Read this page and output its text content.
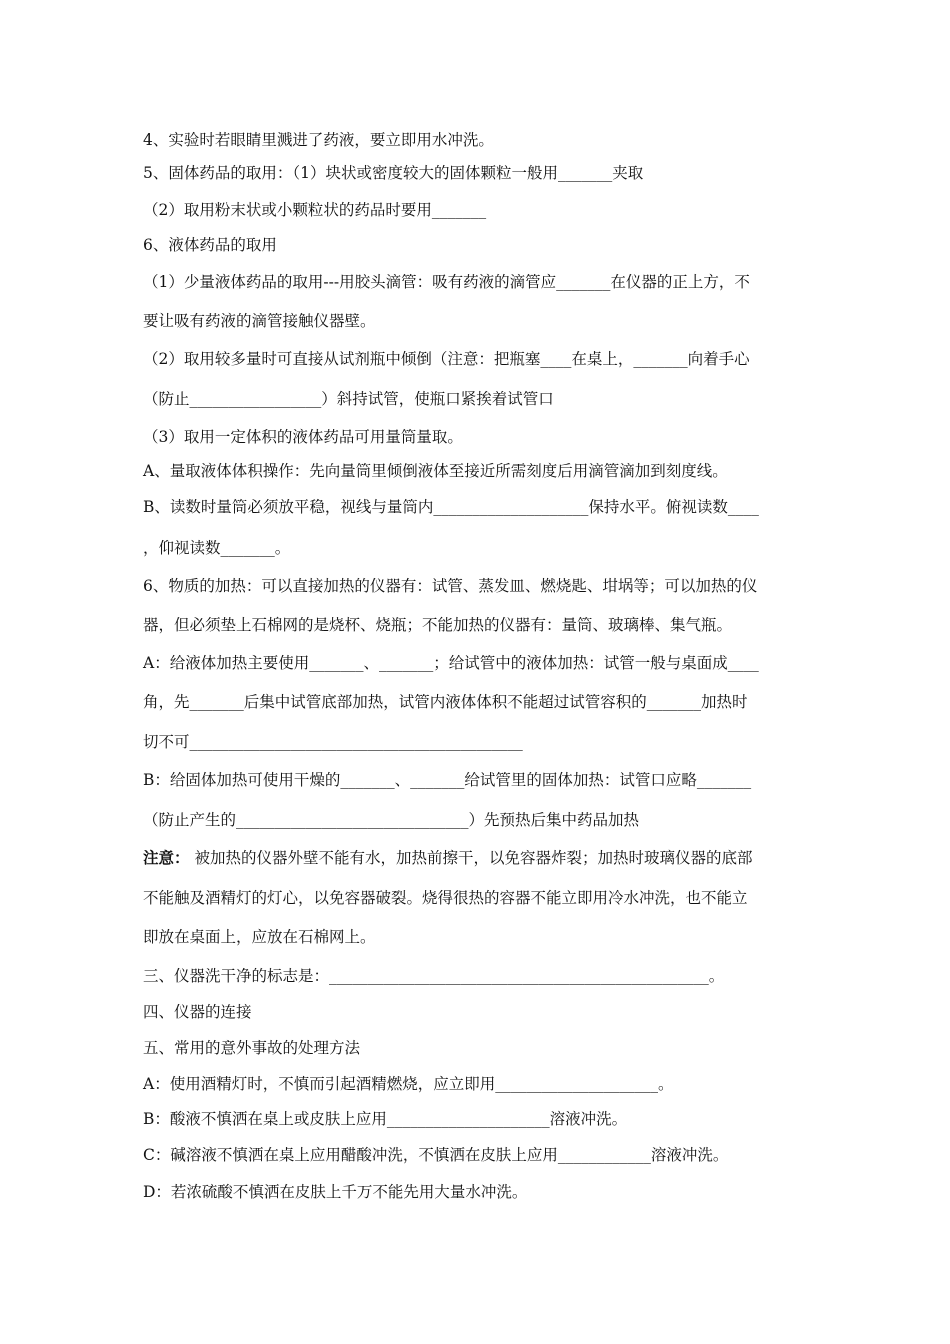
4、实验时若眼睛里溅进了药液，要立即用水冲洗。
5、固体药品的取用：（1）块状或密度较大的固体颗粒一般用_______夹取
（2）取用粉末状或小颗粒状的药品时要用_______
6、液体药品的取用
（1）少量液体药品的取用---用胶头滴管：吸有药液的滴管应_______在仪器的正上方，不
要让吸有药液的滴管接触仪器壁。
（2）取用较多量时可直接从试剂瓶中倾倒（注意：把瓶塞____在桌上，_______向着手心
（防止_________________）斜持试管，使瓶口紧挨着试管口
（3）取用一定体积的液体药品可用量筒量取。
A、量取液体体积操作：先向量筒里倾倒液体至接近所需刻度后用滴管滴加到刻度线。
B、读数时量筒必须放平稳，视线与量筒内____________________保持水平。俯视读数____
，仰视读数_______。
6、物质的加热：可以直接加热的仪器有：试管、蒸发皿、燃烧匙、坩埚等；可以加热的仪
器，但必须垫上石棉网的是烧杯、烧瓶；不能加热的仪器有：量筒、玻璃棒、集气瓶。
A：给液体加热主要使用_______、_______；给试管中的液体加热：试管一般与桌面成____
角，先_______后集中试管底部加热，试管内液体体积不能超过试管容积的_______加热时
切不可___________________________________________
B：给固体加热可使用干燥的_______、_______给试管里的固体加热：试管口应略_______
（防止产生的______________________________）先预热后集中药品加热
注意： 被加热的仪器外壁不能有水，加热前擦干，以免容器炸裂；加热时玻璃仪器的底部
不能触及酒精灯的灯心，以免容器破裂。烧得很热的容器不能立即用冷水冲洗，也不能立
即放在桌面上，应放在石棉网上。
三、仪器洗干净的标志是：_________________________________________________。
四、仪器的连接
五、常用的意外事故的处理方法
A：使用酒精灯时，不慎而引起酒精燃烧，应立即用_____________________。
B：酸液不慎洒在桌上或皮肤上应用_____________________溶液冲洗。
C：碱溶液不慎洒在桌上应用醋酸冲洗，不慎洒在皮肤上应用____________溶液冲洗。
D：若浓硫酸不慎洒在皮肤上千万不能先用大量水冲洗。
